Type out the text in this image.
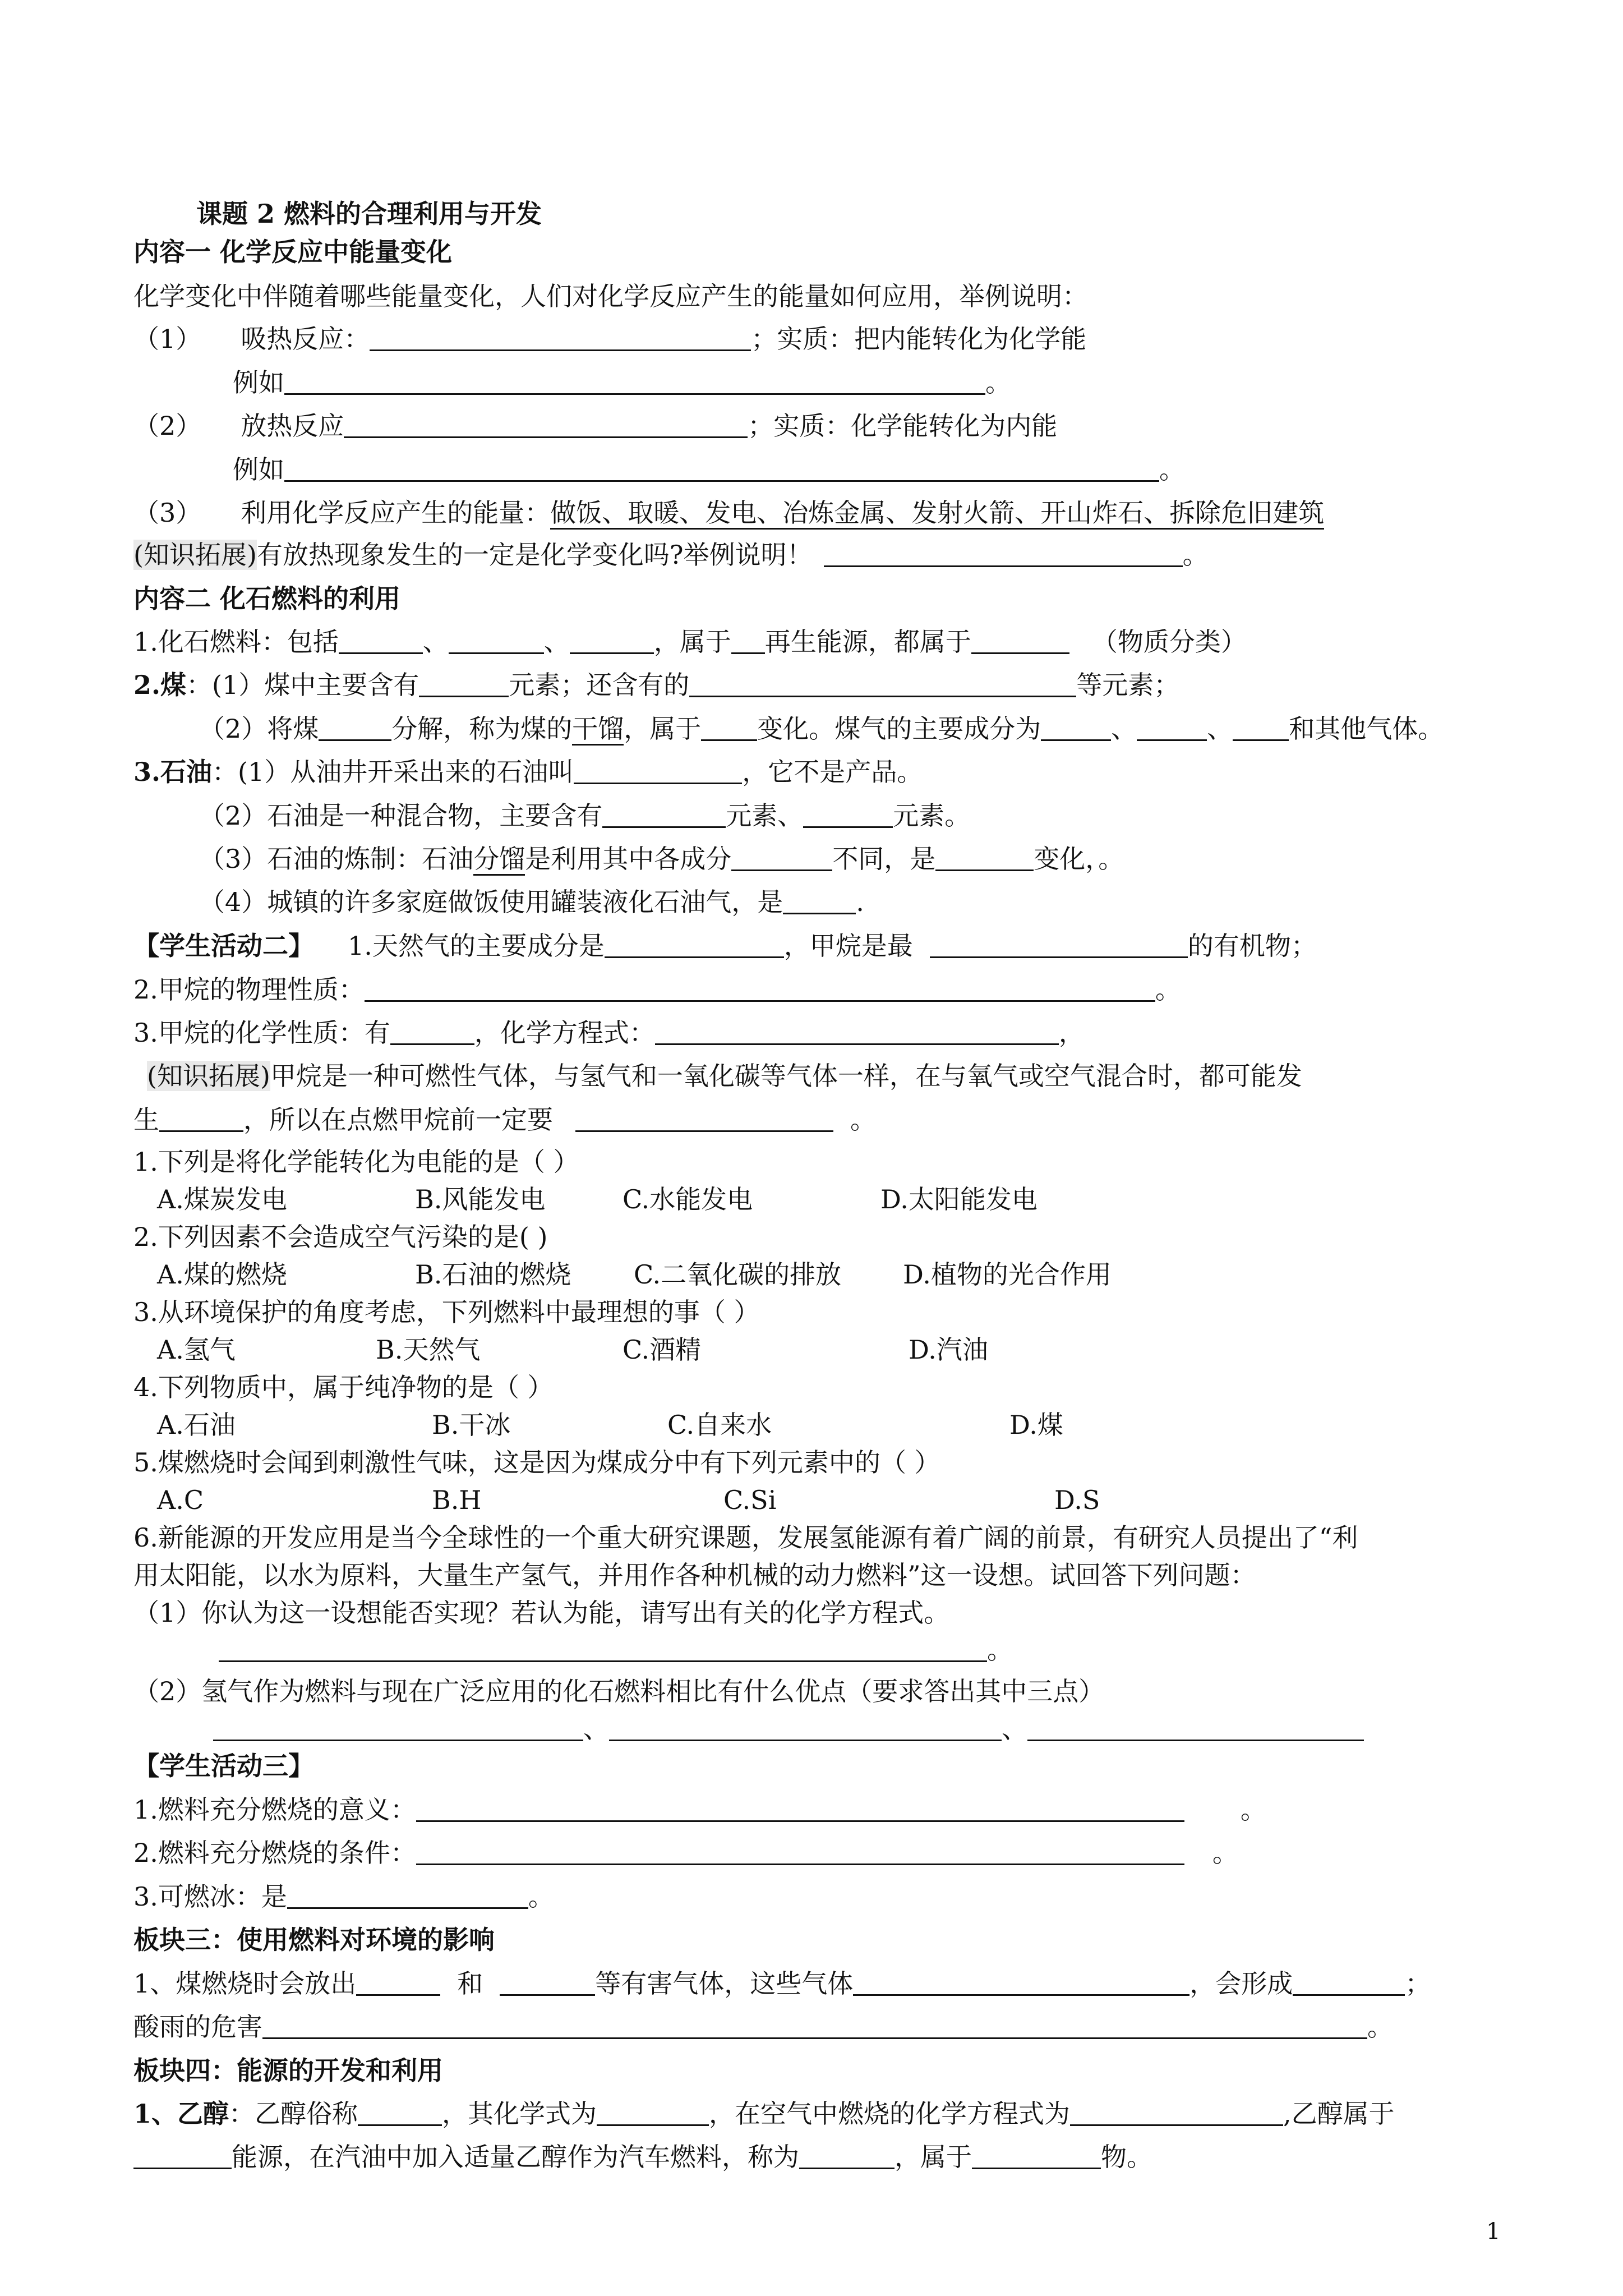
课题 2 燃料的合理利用与开发
内容一 化学反应中能量变化
化学变化中伴随着哪些能量变化，人们对化学反应产生的能量如何应用，举例说明：
（1） 吸热反应：	；实质：把内能转化为化学能
例如	。
（2） 放热反应	；实质：化学能转化为内能
例如	。
（3） 利用化学反应产生的能量：做饭、取暖、发电、冶炼金属、发射火箭、开山炸石、拆除危旧建筑
(知识拓展)有放热现象发生的一定是化学变化吗?举例说明！	。
内容二 化石燃料的利用
1.化石燃料：包括	、	、	，属于 再生能源，都属于	（物质分类）
2.煤：(1）煤中主要含有	元素；还含有的	等元素；
（2）将煤	分解，称为煤的干馏，属于 变化。煤气的主要成分为	、	、 和其他气体。
3.石油：(1）从油井开采出来的石油叫	，它不是产品。
（2）石油是一种混合物，主要含有	元素、	元素。
（3）石油的炼制：石油分馏是利用其中各成分	不同，是	变化，。
（4）城镇的许多家庭做饭使用罐装液化石油气，是	.
【学生活动二】 1.天然气的主要成分是	，甲烷是最	的有机物；
2.甲烷的物理性质：	。
3.甲烷的化学性质：有	，化学方程式：	，
(知识拓展)甲烷是一种可燃性气体，与氢气和一氧化碳等气体一样，在与氧气或空气混合时，都可能发
生	，所以在点燃甲烷前一定要	。
1.下列是将化学能转化为电能的是（ ）
A.煤炭发电	B.风能发电	C.水能发电	D.太阳能发电
2.下列因素不会造成空气污染的是( )
A.煤的燃烧	B.石油的燃烧 C.二氧化碳的排放 D.植物的光合作用
3.从环境保护的角度考虑，下列燃料中最理想的事（ ）
A.氢气	B.天然气	C.酒精	D.汽油
4.下列物质中，属于纯净物的是（ ）
A.石油	B.干冰	C.自来水	D.煤
5.煤燃烧时会闻到刺激性气味，这是因为煤成分中有下列元素中的（ ）
A.C	B.H	C.Si	D.S
6.新能源的开发应用是当今全球性的一个重大研究课题，发展氢能源有着广阔的前景，有研究人员提出了“利
用太阳能，以水为原料，大量生产氢气，并用作各种机械的动力燃料”这一设想。试回答下列问题：
（1）你认为这一设想能否实现？若认为能，请写出有关的化学方程式。
。
（2）氢气作为燃料与现在广泛应用的化石燃料相比有什么优点（要求答出其中三点）
、	、
【学生活动三】
1.燃料充分燃烧的意义：	。
2.燃料充分燃烧的条件：	。
3.可燃冰：是	。
板块三：使用燃料对环境的影响
1、煤燃烧时会放出	和	等有害气体，这些气体	，会形成	；
酸雨的危害	。
板块四：能源的开发和利用
1、乙醇：乙醇俗称	，其化学式为	，在空气中燃烧的化学方程式为	,乙醇属于
能源，在汽油中加入适量乙醇作为汽车燃料，称为	，属于	物。
1
